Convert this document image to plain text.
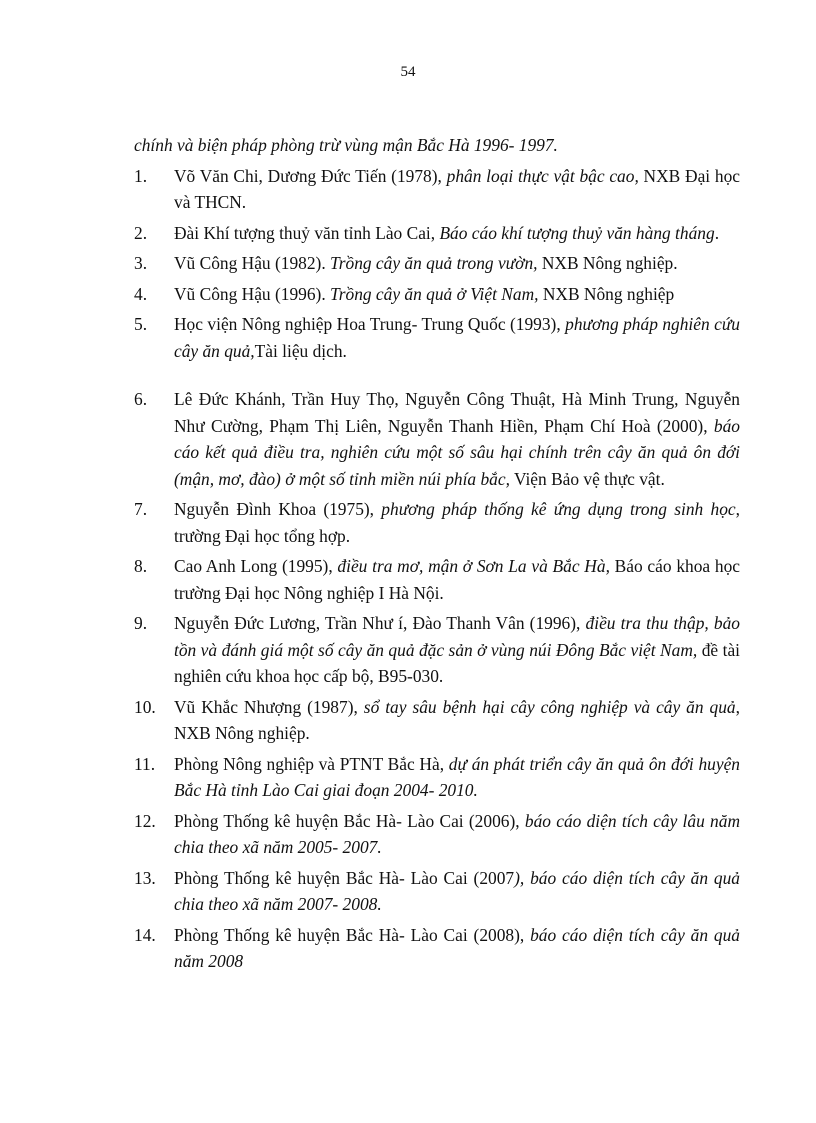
54

chính và biện pháp phòng trừ vùng mận Bắc Hà 1996- 1997.

1.	Võ Văn Chi, Dương Đức Tiến (1978), phân loại thực vật bậc cao, NXB Đại học và THCN.
2.	Đài Khí tượng thuỷ văn tỉnh Lào Cai, Báo cáo khí tượng thuỷ văn hàng tháng.
3.	Vũ Công Hậu (1982). Trồng cây ăn quả trong vườn, NXB Nông nghiệp.
4.	Vũ Công Hậu (1996). Trồng cây ăn quả ở Việt Nam, NXB Nông nghiệp
5.	Học viện Nông nghiệp Hoa Trung- Trung Quốc (1993), phương pháp nghiên cứu cây ăn quả,Tài liệu dịch.
6.	Lê Đức Khánh, Trần Huy Thọ, Nguyễn Công Thuật, Hà Minh Trung, Nguyễn Như Cường, Phạm Thị Liên, Nguyễn Thanh Hiền, Phạm Chí Hoà (2000), báo cáo kết quả điều tra, nghiên cứu một số sâu hại chính trên cây ăn quả ôn đới (mận, mơ, đào) ở một số tỉnh miền núi phía bắc, Viện Bảo vệ thực vật.
7.	Nguyễn Đình Khoa (1975), phương pháp thống kê ứng dụng trong sinh học, trường Đại học tổng hợp.
8.	Cao Anh Long (1995), điều tra mơ, mận ở Sơn La và Bắc Hà, Báo cáo khoa học trường Đại học Nông nghiệp I Hà Nội.
9.	Nguyễn Đức Lương, Trần Như í, Đào Thanh Vân (1996), điều tra thu thập, bảo tồn và đánh giá một số cây ăn quả đặc sản ở vùng núi Đông Bắc việt Nam, đề tài nghiên cứu khoa học cấp bộ, B95-030.
10. Vũ Khắc Nhượng (1987), sổ tay sâu bệnh hại cây công nghiệp và cây ăn quả, NXB Nông nghiệp.
11. Phòng Nông nghiệp và PTNT Bắc Hà, dự án phát triển cây ăn quả ôn đới huyện Bắc Hà tỉnh Lào Cai giai đoạn 2004- 2010.
12. Phòng Thống kê huyện Bắc Hà- Lào Cai (2006), báo cáo diện tích cây lâu năm chia theo xã năm 2005- 2007.
13. Phòng Thống kê huyện Bắc Hà- Lào Cai (2007), báo cáo diện tích cây ăn quả chia theo xã năm 2007- 2008.
14. Phòng Thống kê huyện Bắc Hà- Lào Cai (2008), báo cáo diện tích cây ăn quả năm 2008
